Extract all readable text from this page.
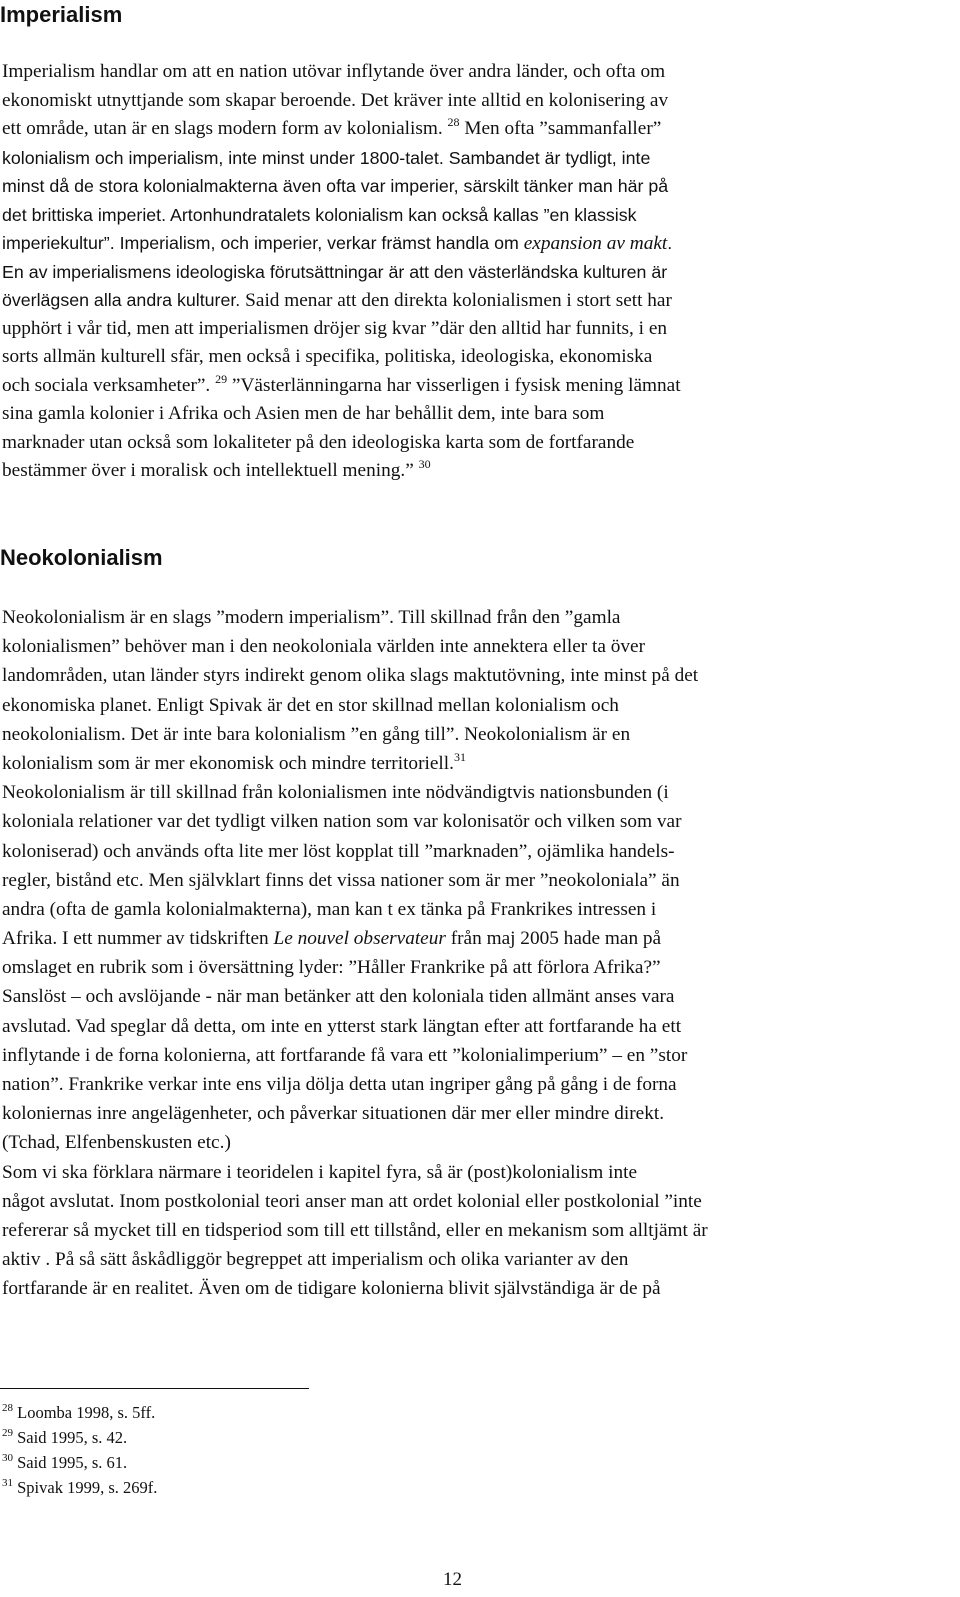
Imperialism
Imperialism handlar om att en nation utövar inflytande över andra länder, och ofta om
ekonomiskt utnyttjande som skapar beroende. Det kräver inte alltid en kolonisering av
ett område, utan är en slags modern form av kolonialism. $^{28}$ Men ofta ”sammanfaller”
kolonialism och imperialism, inte minst under 1800-talet. Sambandet är tydligt, inte
minst då de stora kolonialmakterna även ofta var imperier, särskilt tänker man här på
det brittiska imperiet. Artonhundratalets kolonialism kan också kallas ”en klassisk
imperiekultur”. Imperialism, och imperier, verkar främst handla om expansion av makt.
En av imperialismens ideologiska förutsättningar är att den västerländska kulturen är
överlägsen alla andra kulturer. Said menar att den direkta kolonialismen i stort sett har
upphört i vår tid, men att imperialismen dröjer sig kvar ”där den alltid har funnits, i en
sorts allmän kulturell sfär, men också i specifika, politiska, ideologiska, ekonomiska
och sociala verksamheter”. $^{29}$ ”Västerlänningarna har visserligen i fysisk mening lämnat
sina gamla kolonier i Afrika och Asien men de har behållit dem, inte bara som
marknader utan också som lokaliteter på den ideologiska karta som de fortfarande
bestämmer över i moralisk och intellektuell mening.” $^{30}$
Neokolonialism
Neokolonialism är en slags ”modern imperialism”. Till skillnad från den ”gamla
kolonialismen” behöver man i den neokoloniala världen inte annektera eller ta över
landområden, utan länder styrs indirekt genom olika slags maktutövning, inte minst på det
ekonomiska planet. Enligt Spivak är det en stor skillnad mellan kolonialism och
neokolonialism. Det är inte bara kolonialism ”en gång till”. Neokolonialism är en
kolonialism som är mer ekonomisk och mindre territoriell.$^{31}$
Neokolonialism är till skillnad från kolonialismen inte nödvändigtvis nationsbunden (i
koloniala relationer var det tydligt vilken nation som var kolonisatör och vilken som var
koloniserad) och används ofta lite mer löst kopplat till ”marknaden”, ojämlika handels-
regler, bistånd etc. Men självklart finns det vissa nationer som är mer ”neokoloniala” än
andra (ofta de gamla kolonialmakterna), man kan t ex tänka på Frankrikes intressen i
Afrika. I ett nummer av tidskriften Le nouvel observateur från maj 2005 hade man på
omslaget en rubrik som i översättning lyder: ”Håller Frankrike på att förlora Afrika?”
Sanslöst – och avslöjande - när man betänker att den koloniala tiden allmänt anses vara
avslutad. Vad speglar då detta, om inte en ytterst stark längtan efter att fortfarande ha ett
inflytande i de forna kolonierna, att fortfarande få vara ett ”kolonialimperium” – en ”stor
nation”. Frankrike verkar inte ens vilja dölja detta utan ingriper gång på gång i de forna
koloniernas inre angelägenheter, och påverkar situationen där mer eller mindre direkt.
(Tchad, Elfenbenskusten etc.)
Som vi ska förklara närmare i teoridelen i kapitel fyra, så är (post)kolonialism inte
något avslutat. Inom postkolonial teori anser man att ordet kolonial eller postkolonial ”inte
refererar så mycket till en tidsperiod som till ett tillstånd, eller en mekanism som alltjämt är
aktiv . På så sätt åskådliggör begreppet att imperialism och olika varianter av den
fortfarande är en realitet. Även om de tidigare kolonierna blivit självständiga är de på
$^{28}$ Loomba 1998, s. 5ff.
$^{29}$ Said 1995, s. 42.
$^{30}$ Said 1995, s. 61.
$^{31}$ Spivak 1999, s. 269f.
12
